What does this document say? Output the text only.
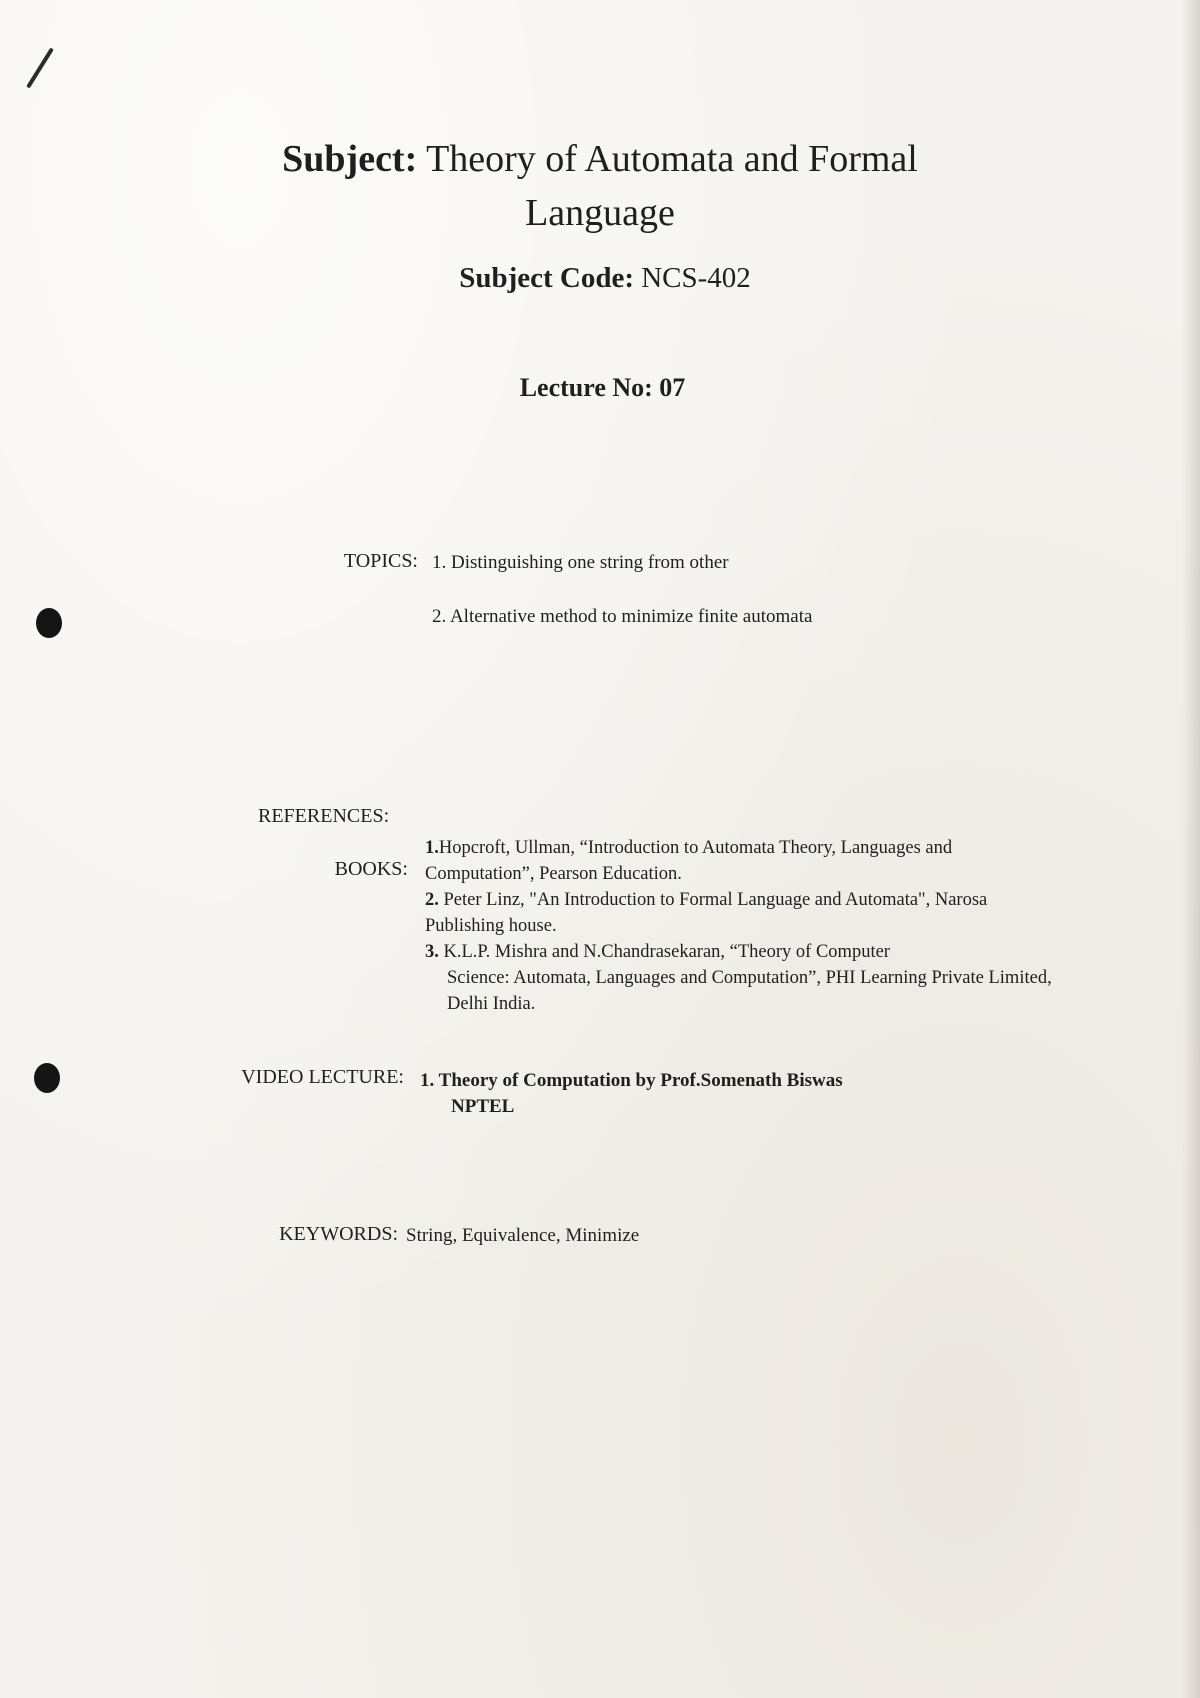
Subject: Theory of Automata and Formal Language
Subject Code: NCS-402
Lecture No: 07
TOPICS: 1. Distinguishing one string from other
2. Alternative method to minimize finite automata
REFERENCES:
BOOKS:
1.Hopcroft, Ullman, “Introduction to Automata Theory, Languages and Computation”, Pearson Education.
2. Peter Linz, "An Introduction to Formal Language and Automata", Narosa Publishing house.
3. K.L.P. Mishra and N.Chandrasekaran, “Theory of Computer
Science: Automata, Languages and Computation”, PHI Learning Private Limited, Delhi India.
VIDEO LECTURE: 1. Theory of Computation by Prof.Somenath Biswas
NPTEL
KEYWORDS: String, Equivalence, Minimize
